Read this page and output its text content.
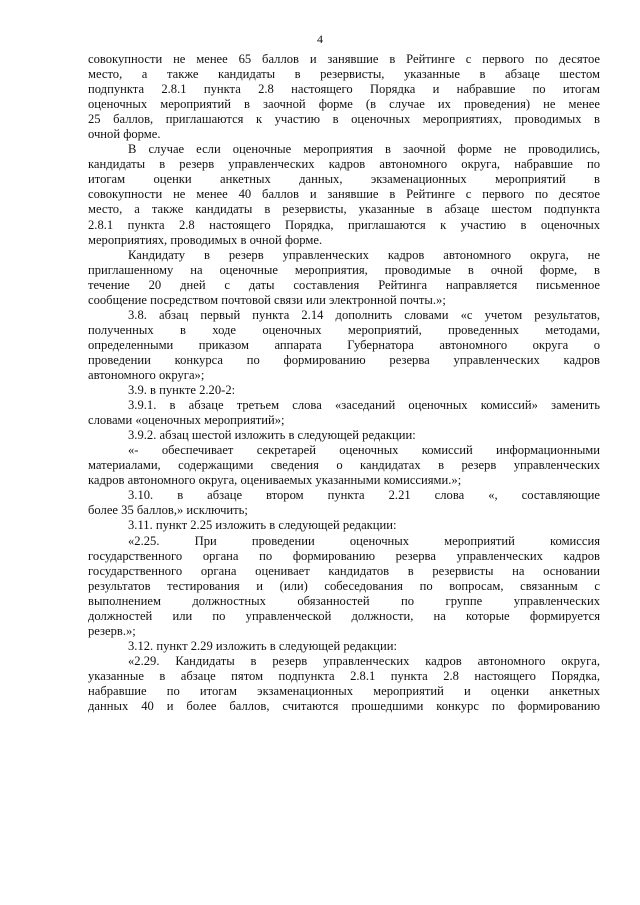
4
совокупности не менее 65 баллов и занявшие в Рейтинге с первого по десятое
место, а также кандидаты в резервисты, указанные в абзаце шестом
подпункта 2.8.1 пункта 2.8 настоящего Порядка и набравшие по итогам
оценочных мероприятий в заочной форме (в случае их проведения) не менее
25 баллов, приглашаются к участию в оценочных мероприятиях, проводимых в
очной форме.
В случае если оценочные мероприятия в заочной форме не проводились,
кандидаты в резерв управленческих кадров автономного округа, набравшие по
итогам оценки анкетных данных, экзаменационных мероприятий в
совокупности не менее 40 баллов и занявшие в Рейтинге с первого по десятое
место, а также кандидаты в резервисты, указанные в абзаце шестом подпункта
2.8.1 пункта 2.8 настоящего Порядка, приглашаются к участию в оценочных
мероприятиях, проводимых в очной форме.
Кандидату в резерв управленческих кадров автономного округа, не
приглашенному на оценочные мероприятия, проводимые в очной форме, в
течение 20 дней с даты составления Рейтинга направляется письменное
сообщение посредством почтовой связи или электронной почты.»;
3.8. абзац первый пункта 2.14 дополнить словами «с учетом результатов,
полученных в ходе оценочных мероприятий, проведенных методами,
определенными приказом аппарата Губернатора автономного округа о
проведении конкурса по формированию резерва управленческих кадров
автономного округа»;
3.9. в пункте 2.20-2:
3.9.1. в абзаце третьем слова «заседаний оценочных комиссий» заменить
словами «оценочных мероприятий»;
3.9.2. абзац шестой изложить в следующей редакции:
«- обеспечивает секретарей оценочных комиссий информационными
материалами, содержащими сведения о кандидатах в резерв управленческих
кадров автономного округа, оцениваемых указанными комиссиями.»;
3.10. в абзаце втором пункта 2.21 слова «, составляющие
более 35 баллов,» исключить;
3.11. пункт 2.25 изложить в следующей редакции:
«2.25. При проведении оценочных мероприятий комиссия
государственного органа по формированию резерва управленческих кадров
государственного органа оценивает кандидатов в резервисты на основании
результатов тестирования и (или) собеседования по вопросам, связанным с
выполнением должностных обязанностей по группе управленческих
должностей или по управленческой должности, на которые формируется
резерв.»;
3.12. пункт 2.29 изложить в следующей редакции:
«2.29. Кандидаты в резерв управленческих кадров автономного округа,
указанные в абзаце пятом подпункта 2.8.1 пункта 2.8 настоящего Порядка,
набравшие по итогам экзаменационных мероприятий и оценки анкетных
данных 40 и более баллов, считаются прошедшими конкурс по формированию
